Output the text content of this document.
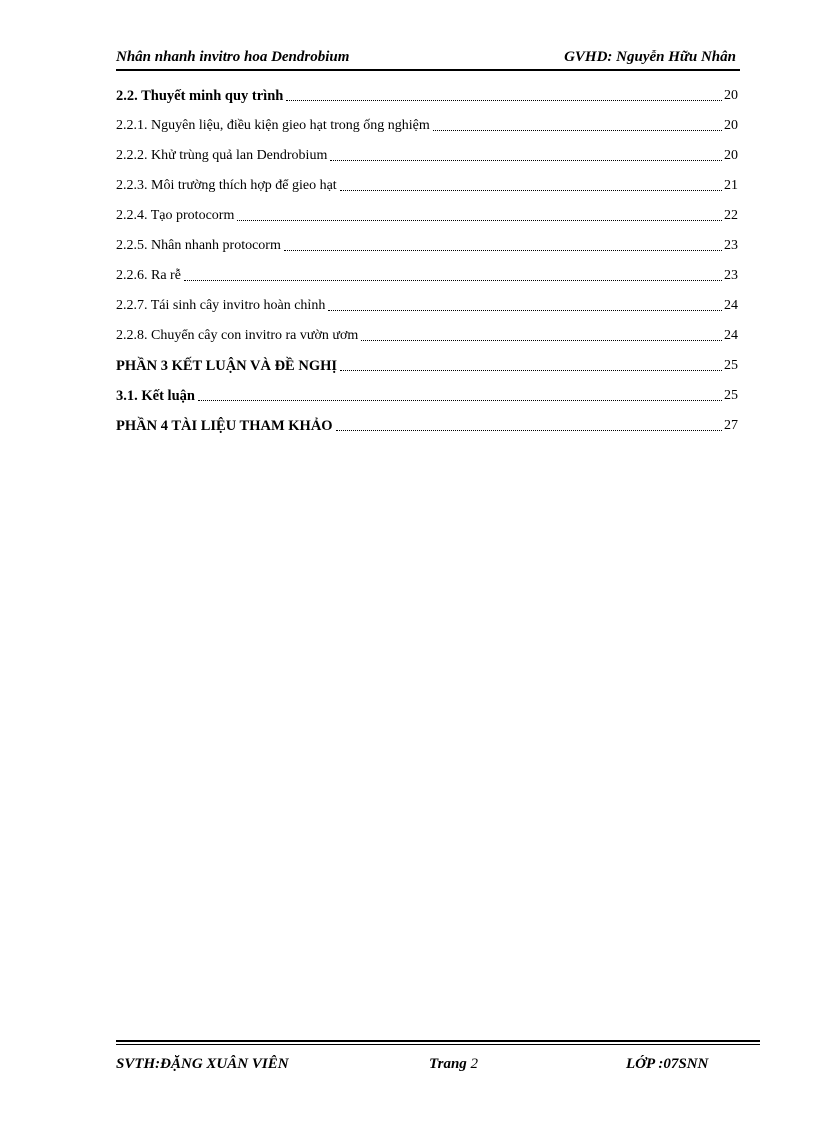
Nhân nhanh invitro hoa Dendrobium	GVHD: Nguyễn Hữu Nhân
2.2. Thuyết minh quy trình	20
2.2.1. Nguyên liệu, điều kiện gieo hạt trong ống nghiệm	20
2.2.2. Khử trùng quả lan Dendrobium	20
2.2.3. Môi trường thích hợp để gieo hạt	21
2.2.4. Tạo protocorm	22
2.2.5. Nhân nhanh protocorm	23
2.2.6. Ra rễ	23
2.2.7. Tái sinh cây invitro hoàn chỉnh	24
2.2.8. Chuyển cây con invitro ra vườn ươm	24
PHẦN 3 KẾT LUẬN VÀ ĐỀ NGHỊ	25
3.1. Kết luận	25
PHẦN 4 TÀI LIỆU THAM KHẢO	27
SVTH:ĐẶNG XUÂN VIÊN	Trang 2	LỚP :07SNN
